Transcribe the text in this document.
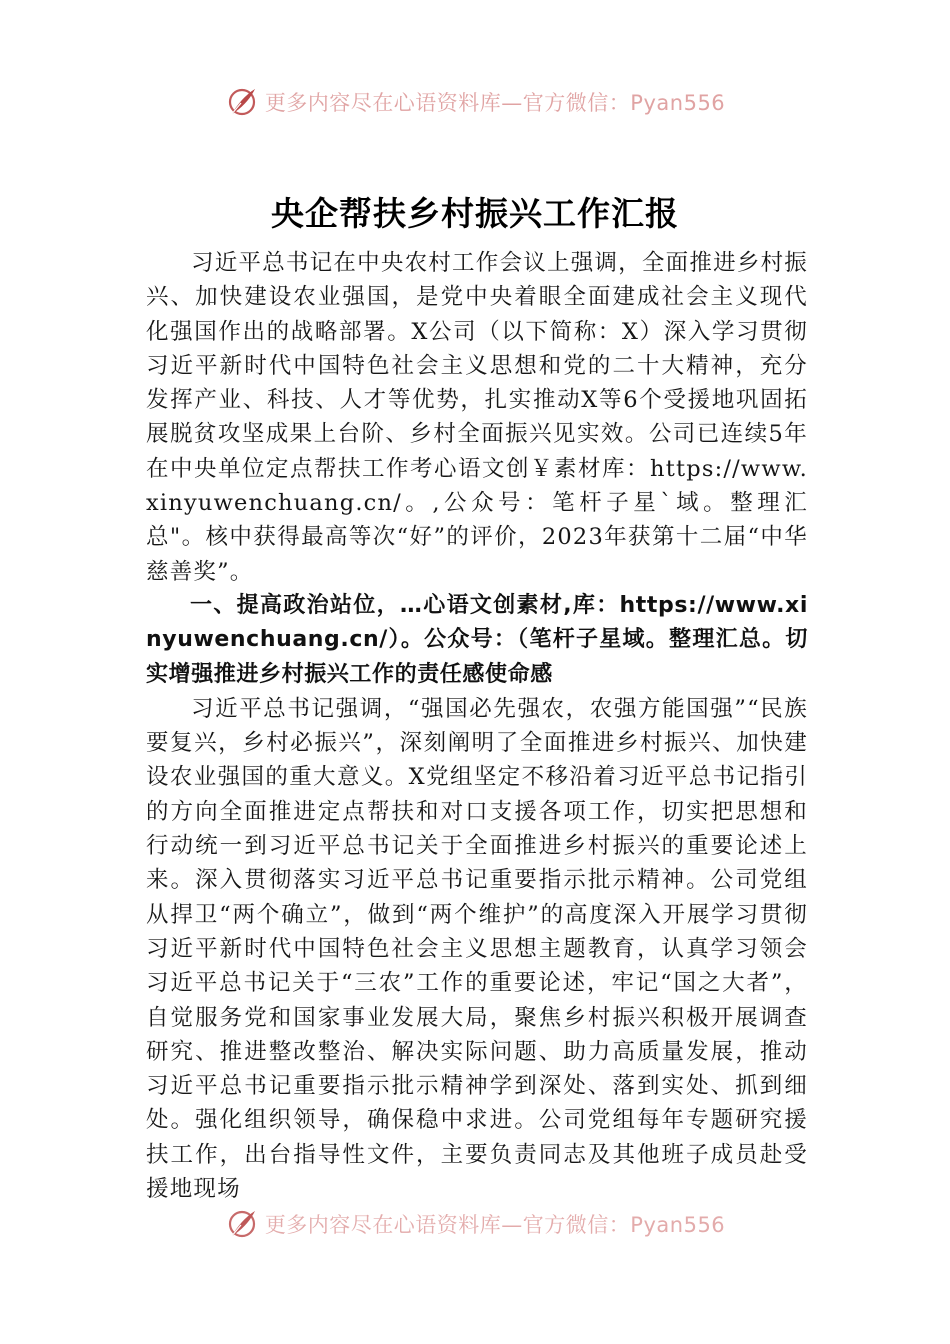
更多内容尽在心语资料库—官方微信：Pyan556
央企帮扶乡村振兴工作汇报

习近平总书记在中央农村工作会议上强调，全面推进乡村振兴、加快建设农业强国，是党中央着眼全面建成社会主义现代化强国作出的战略部署。X公司（以下简称：X）深入学习贯彻习近平新时代中国特色社会主义思想和党的二十大精神，充分发挥产业、科技、人才等优势，扎实推动X等6个受援地巩固拓展脱贫攻坚成果上台阶、乡村全面振兴见实效。公司已连续5年在中央单位定点帮扶工作考心语文创￥素材库：https://www.xinyuwenchuang.cn/。,公众号：笔杆子星`域。整理汇总"。核中获得最高等次“好”的评价，2023年获第十二届“中华慈善奖”。

一、提高政治站位，…心语文创素材,库：https://www.xinyuwenchuang.cn/）。公众号：（笔杆子星域。整理汇总。切实增强推进乡村振兴工作的责任感使命感

习近平总书记强调，“强国必先强农，农强方能国强”“民族要复兴，乡村必振兴”，深刻阐明了全面推进乡村振兴、加快建设农业强国的重大意义。X党组坚定不移沿着习近平总书记指引的方向全面推进定点帮扶和对口支援各项工作，切实把思想和行动统一到习近平总书记关于全面推进乡村振兴的重要论述上来。深入贯彻落实习近平总书记重要指示批示精神。公司党组从捍卫“两个确立”，做到“两个维护”的高度深入开展学习贯彻习近平新时代中国特色社会主义思想主题教育，认真学习领会习近平总书记关于“三农”工作的重要论述，牢记“国之大者”，自觉服务党和国家事业发展大局，聚焦乡村振兴积极开展调查研究、推进整改整治、解决实际问题、助力高质量发展，推动习近平总书记重要指示批示精神学到深处、落到实处、抓到细处。强化组织领导，确保稳中求进。公司党组每年专题研究援扶工作，出台指导性文件，主要负责同志及其他班子成员赴受援地现场

更多内容尽在心语资料库—官方微信：Pyan556
